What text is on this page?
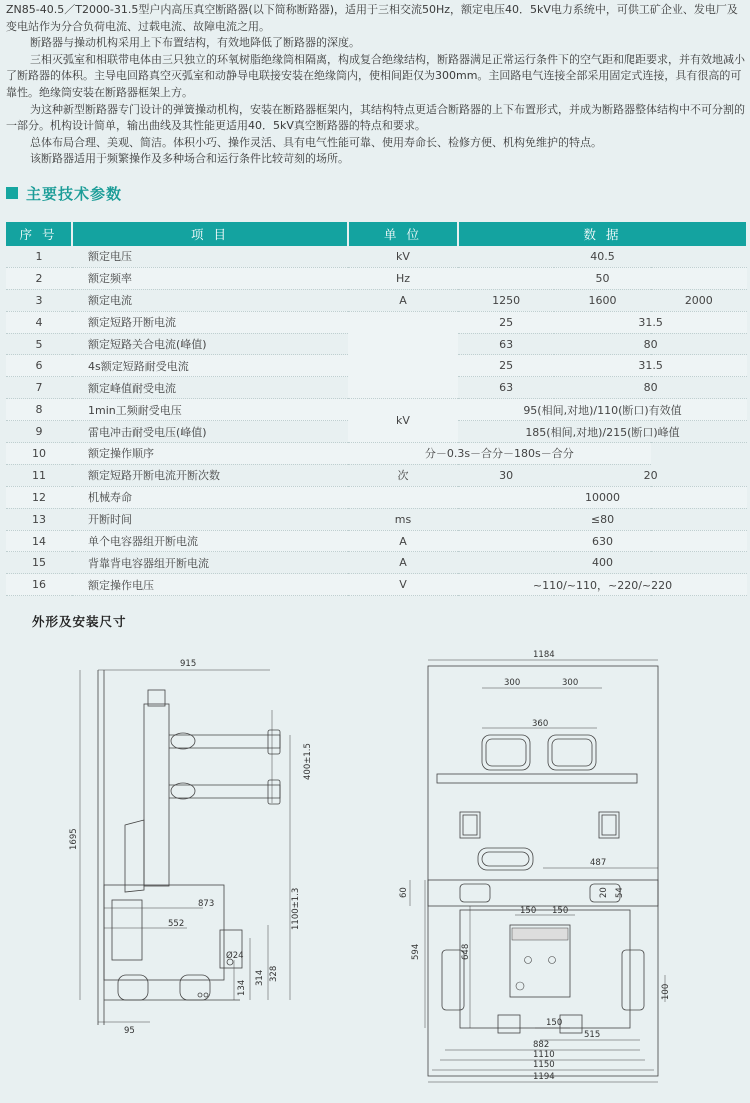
ZN85-40.5／T2000-31.5型户内高压真空断路器(以下简称断路器)，适用于三相交流50Hz，额定电压40．5kV电力系统中，可供工矿企业、发电厂及变电站作为分合负荷电流、过载电流、故障电流之用。

断路器与操动机构采用上下布置结构，有效地降低了断路器的深度。

三相灭弧室和相联带电体由三只独立的环氧树脂绝缘筒相隔离，构成复合绝缘结构，断路器满足正常运行条件下的空气距和爬距要求，并有效地减小了断路器的体积。主导电回路真空灭弧室和动静导电联接安装在绝缘筒内，使相间距仅为300mm。主回路电气连接全部采用固定式连接，具有很高的可靠性。绝缘筒安装在断路器框架上方。

为这种新型断路器专门设计的弹簧操动机构，安装在断路器框架内，其结构特点更适合断路器的上下布置形式，并成为断路器整体结构中不可分割的一部分。机构设计简单，输出曲线及其性能更适用40．5kV真空断路器的特点和要求。

总体布局合理、美观、简洁。体积小巧、操作灵活、具有电气性能可靠、使用寿命长、检修方便、机构免维护的特点。

该断路器适用于频繁操作及多种场合和运行条件比较苛刻的场所。

主要技术参数
序 号	项 目	单 位	数 据		
1	额定电压	kV	40.5		
2	额定频率	Hz	50		
3	额定电流	A	1250	1600	2000
4	额定短路开断电流		25	31.5	
5	额定短路关合电流(峰值)		63	80	
6	4s额定短路耐受电流		25	31.5	
7	额定峰值耐受电流		63	80	
8	1min工频耐受电压	kV	95(相间,对地)/110(断口)有效值		
9	雷电冲击耐受电压(峰值)		185(相间,对地)/215(断口)峰值		
10	额定操作顺序	分－0.3s－合分－180s－合分			
11	额定短路开断电流开断次数	次	30	20	
12	机械寿命		10000		
13	开断时间	ms	≤80		
14	单个电容器组开断电流	A	630		
15	背靠背电容器组开断电流	A	400		
16	额定操作电压	V	~110/~110，~220/~220		
外形及安装尺寸
915
400±1.5
1695
873	1100±1.3
552
Ø24
314 328
134
95
1184
300	300
360
487
60
150 150
54
648
594
20
150
515
100
882
1110
1150
1194
